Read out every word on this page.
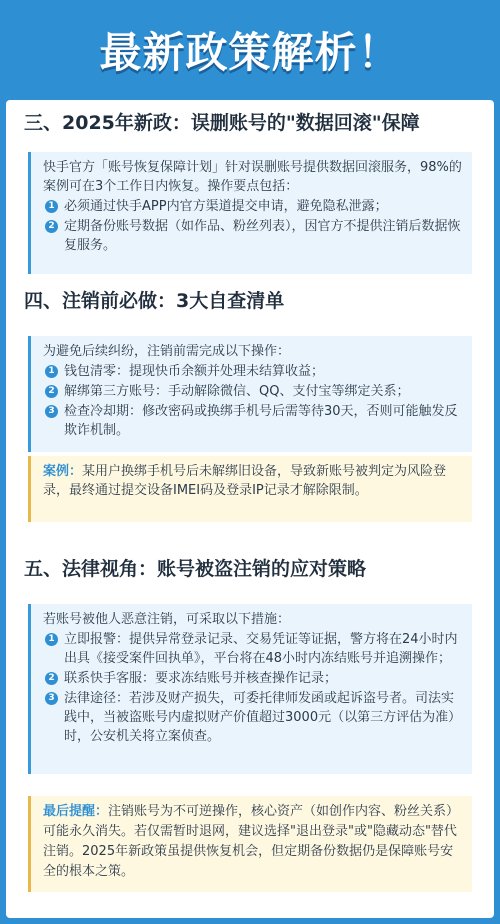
最新政策解析！
三、2025年新政：误删账号的"数据回滚"保障

快手官方「账号恢复保障计划」针对误删账号提供数据回滚服务，98%的案例可在3个工作日内恢复。操作要点包括：

1 必须通过快手APP内官方渠道提交申请，避免隐私泄露；
2 定期备份账号数据（如作品、粉丝列表），因官方不提供注销后数据恢复服务。
四、注销前必做：3大自查清单

为避免后续纠纷，注销前需完成以下操作：

1 钱包清零：提现快币余额并处理未结算收益；
2 解绑第三方账号：手动解除微信、QQ、支付宝等绑定关系；
3 检查冷却期：修改密码或换绑手机号后需等待30天，否则可能触发反欺诈机制。
案例：某用户换绑手机号后未解绑旧设备，导致新账号被判定为风险登录，最终通过提交设备IMEI码及登录IP记录才解除限制。
五、法律视角：账号被盗注销的应对策略

若账号被他人恶意注销，可采取以下措施：

1 立即报警：提供异常登录记录、交易凭证等证据，警方将在24小时内出具《接受案件回执单》，平台将在48小时内冻结账号并追溯操作；
2 联系快手客服：要求冻结账号并核查操作记录；
3 法律途径：若涉及财产损失，可委托律师发函或起诉盗号者。司法实践中，当被盗账号内虚拟财产价值超过3000元（以第三方评估为准）时，公安机关将立案侦查。
最后提醒：注销账号为不可逆操作，核心资产（如创作内容、粉丝关系）可能永久消失。若仅需暂时退网，建议选择"退出登录"或"隐藏动态"替代注销。2025年新政策虽提供恢复机会，但定期备份数据仍是保障账号安全的根本之策。
